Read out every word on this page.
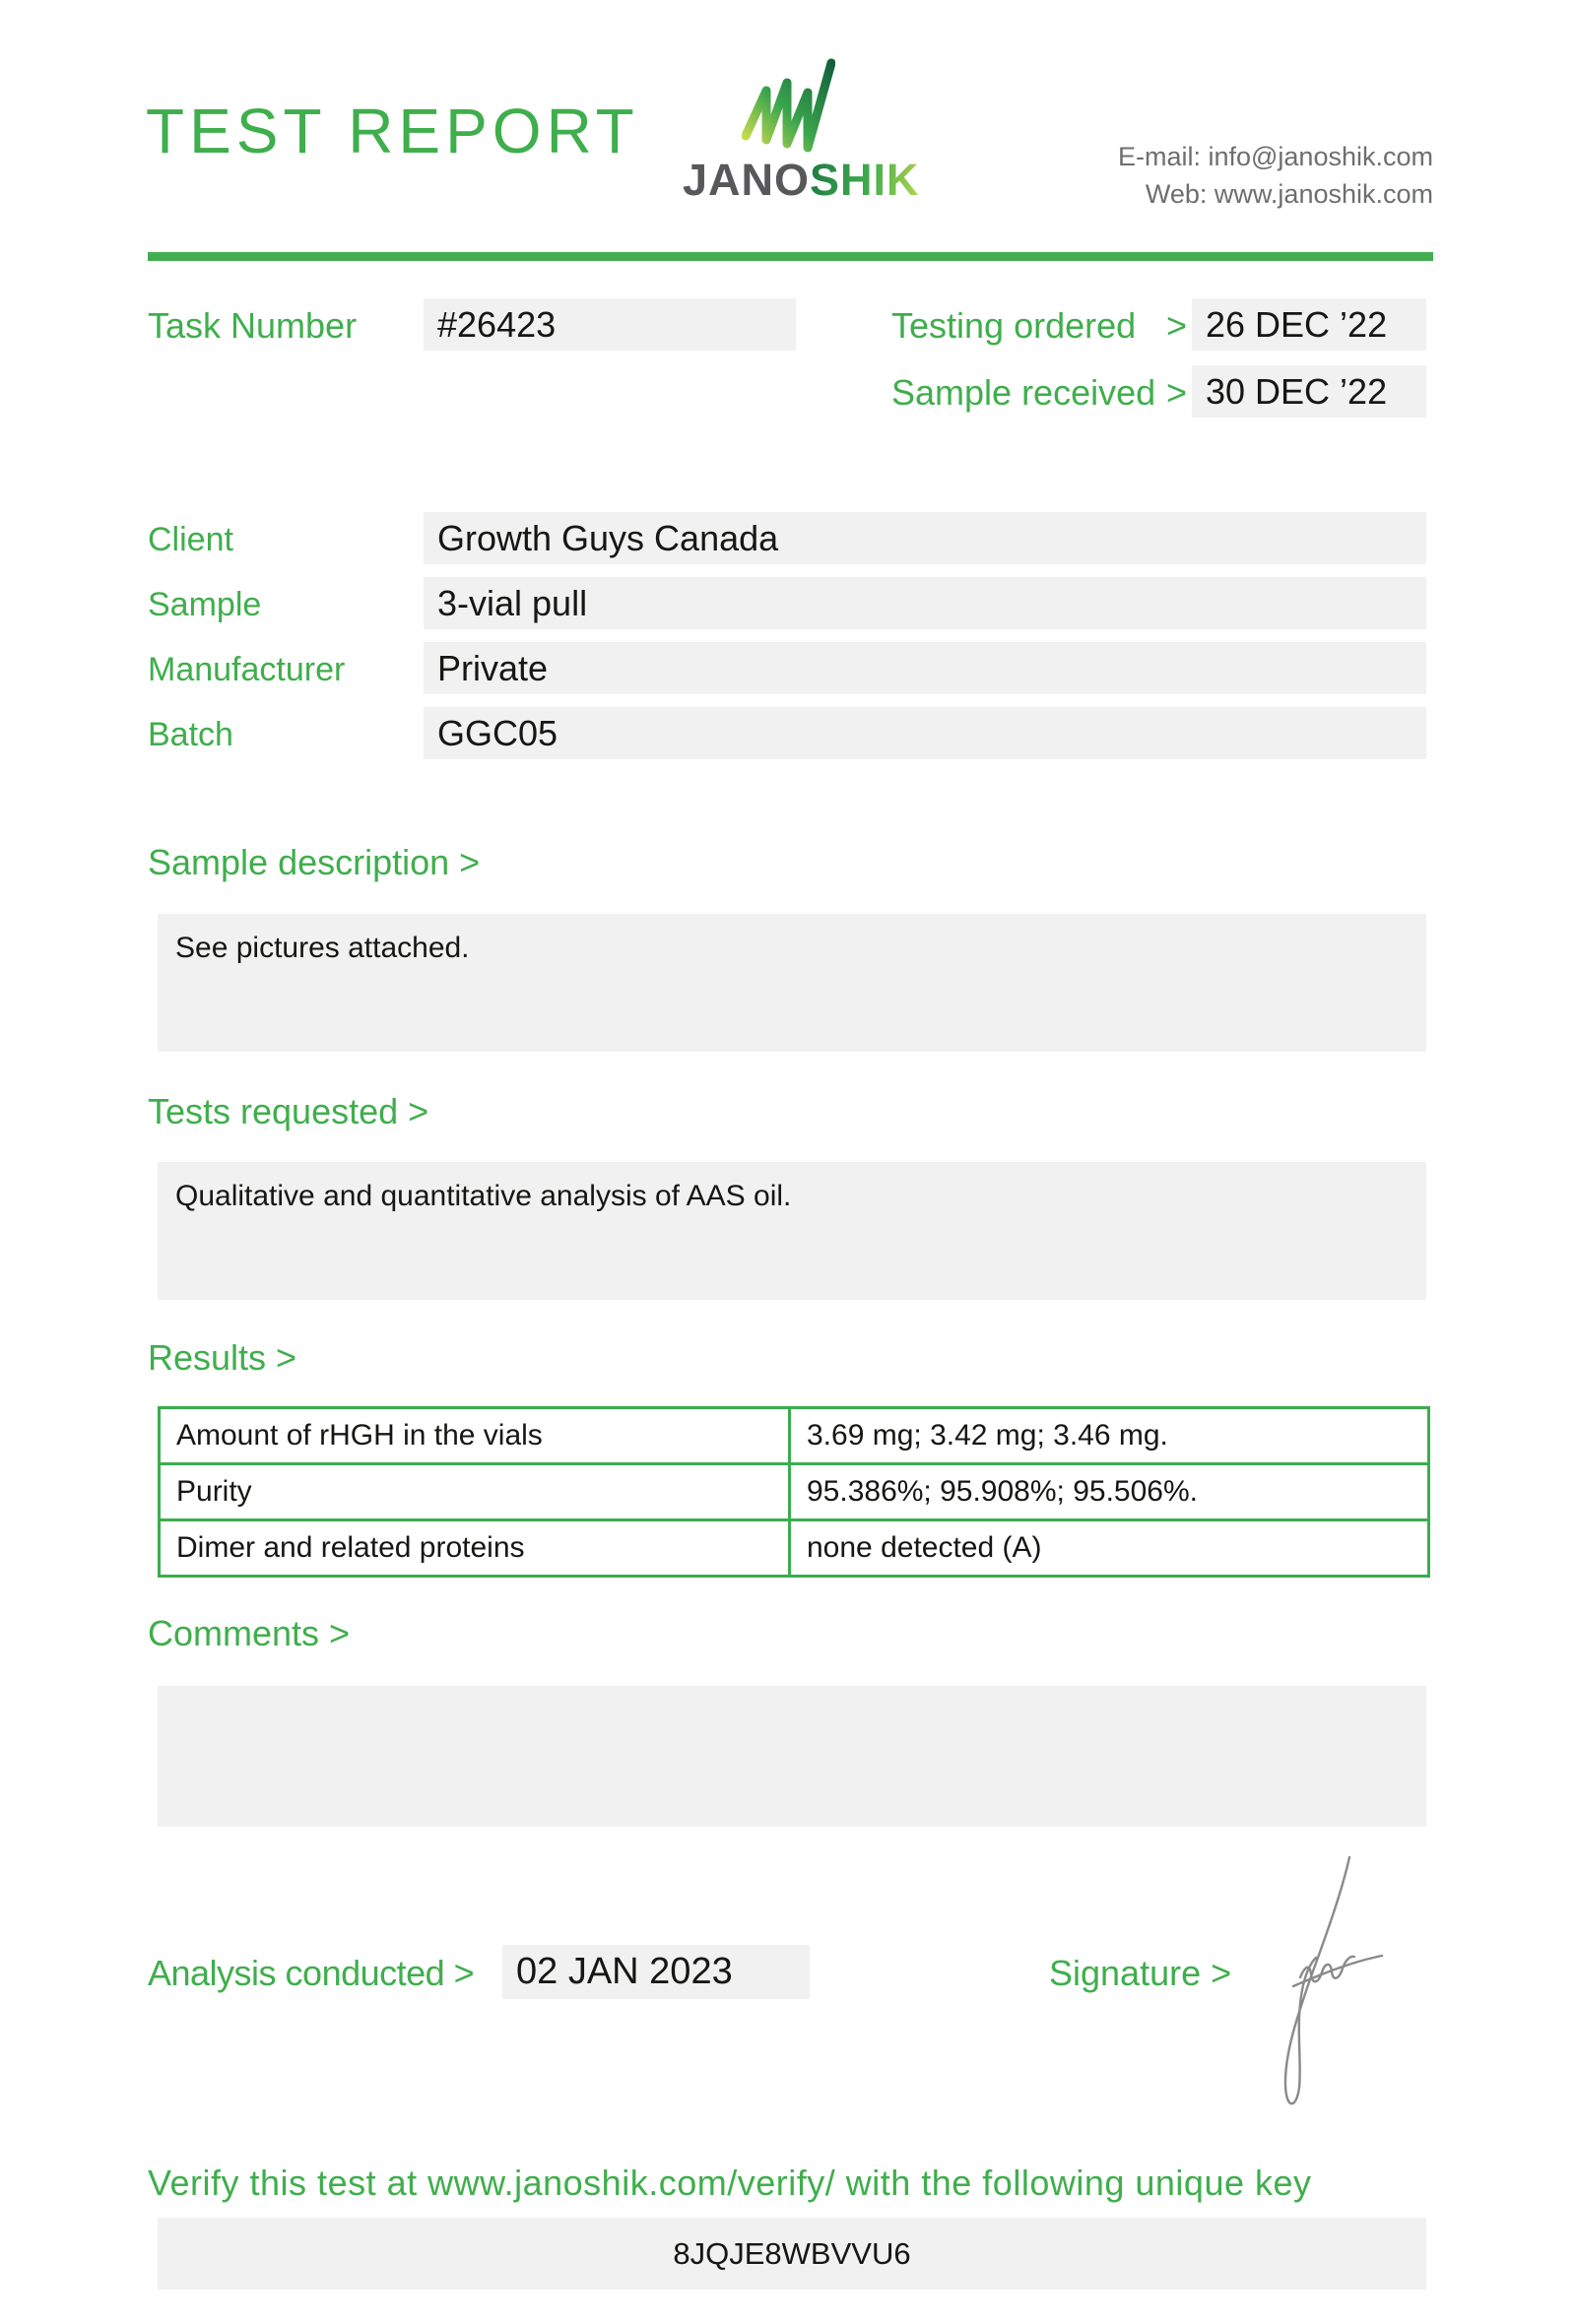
TEST REPORT
JANOSHIK	E-mail: info@janoshik.com
Web: www.janoshik.com
Task Number	#26423	Testing ordered > 26 DEC ’22
Sample received > 30 DEC ’22
Client	Growth Guys Canada
Sample	3-vial pull
Manufacturer	Private
Batch	GGC05
Sample description >
See pictures attached.
Tests requested >
Qualitative and quantitative analysis of AAS oil.
Results >
Amount of rHGH in the vials	3.69 mg; 3.42 mg; 3.46 mg.
Purity	95.386%; 95.908%; 95.506%.
Dimer and related proteins	none detected (A)
Comments >
Analysis conducted >	02 JAN 2023	Signature >
Verify this test at www.janoshik.com/verify/ with the following unique key
8JQJE8WBVVU6
